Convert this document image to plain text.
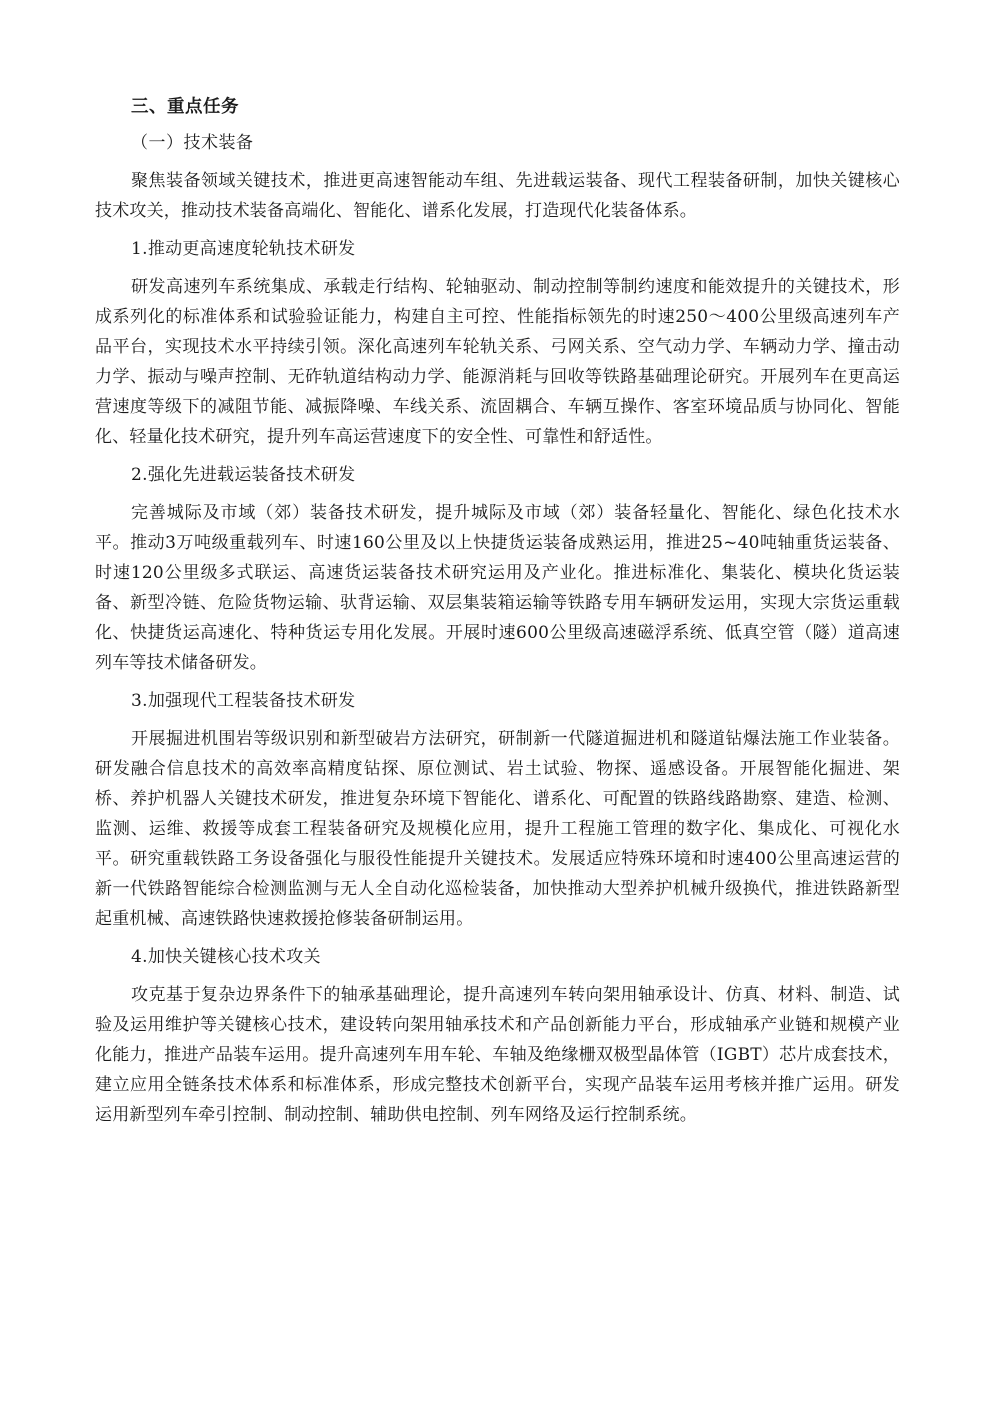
三、重点任务
（一）技术装备
聚焦装备领域关键技术，推进更高速智能动车组、先进载运装备、现代工程装备研制，加快关键核心技术攻关，推动技术装备高端化、智能化、谱系化发展，打造现代化装备体系。
1.推动更高速度轮轨技术研发
研发高速列车系统集成、承载走行结构、轮轴驱动、制动控制等制约速度和能效提升的关键技术，形成系列化的标准体系和试验验证能力，构建自主可控、性能指标领先的时速250～400公里级高速列车产品平台，实现技术水平持续引领。深化高速列车轮轨关系、弓网关系、空气动力学、车辆动力学、撞击动力学、振动与噪声控制、无砟轨道结构动力学、能源消耗与回收等铁路基础理论研究。开展列车在更高运营速度等级下的减阻节能、减振降噪、车线关系、流固耦合、车辆互操作、客室环境品质与协同化、智能化、轻量化技术研究，提升列车高运营速度下的安全性、可靠性和舒适性。
2.强化先进载运装备技术研发
完善城际及市域（郊）装备技术研发，提升城际及市域（郊）装备轻量化、智能化、绿色化技术水平。推动3万吨级重载列车、时速160公里及以上快捷货运装备成熟运用，推进25~40吨轴重货运装备、时速120公里级多式联运、高速货运装备技术研究运用及产业化。推进标准化、集装化、模块化货运装备、新型冷链、危险货物运输、驮背运输、双层集装箱运输等铁路专用车辆研发运用，实现大宗货运重载化、快捷货运高速化、特种货运专用化发展。开展时速600公里级高速磁浮系统、低真空管（隧）道高速列车等技术储备研发。
3.加强现代工程装备技术研发
开展掘进机围岩等级识别和新型破岩方法研究，研制新一代隧道掘进机和隧道钻爆法施工作业装备。研发融合信息技术的高效率高精度钻探、原位测试、岩土试验、物探、遥感设备。开展智能化掘进、架桥、养护机器人关键技术研发，推进复杂环境下智能化、谱系化、可配置的铁路线路勘察、建造、检测、监测、运维、救援等成套工程装备研究及规模化应用，提升工程施工管理的数字化、集成化、可视化水平。研究重载铁路工务设备强化与服役性能提升关键技术。发展适应特殊环境和时速400公里高速运营的新一代铁路智能综合检测监测与无人全自动化巡检装备，加快推动大型养护机械升级换代，推进铁路新型起重机械、高速铁路快速救援抢修装备研制运用。
4.加快关键核心技术攻关
攻克基于复杂边界条件下的轴承基础理论，提升高速列车转向架用轴承设计、仿真、材料、制造、试验及运用维护等关键核心技术，建设转向架用轴承技术和产品创新能力平台，形成轴承产业链和规模产业化能力，推进产品装车运用。提升高速列车用车轮、车轴及绝缘栅双极型晶体管（IGBT）芯片成套技术，建立应用全链条技术体系和标准体系，形成完整技术创新平台，实现产品装车运用考核并推广运用。研发运用新型列车牵引控制、制动控制、辅助供电控制、列车网络及运行控制系统。
